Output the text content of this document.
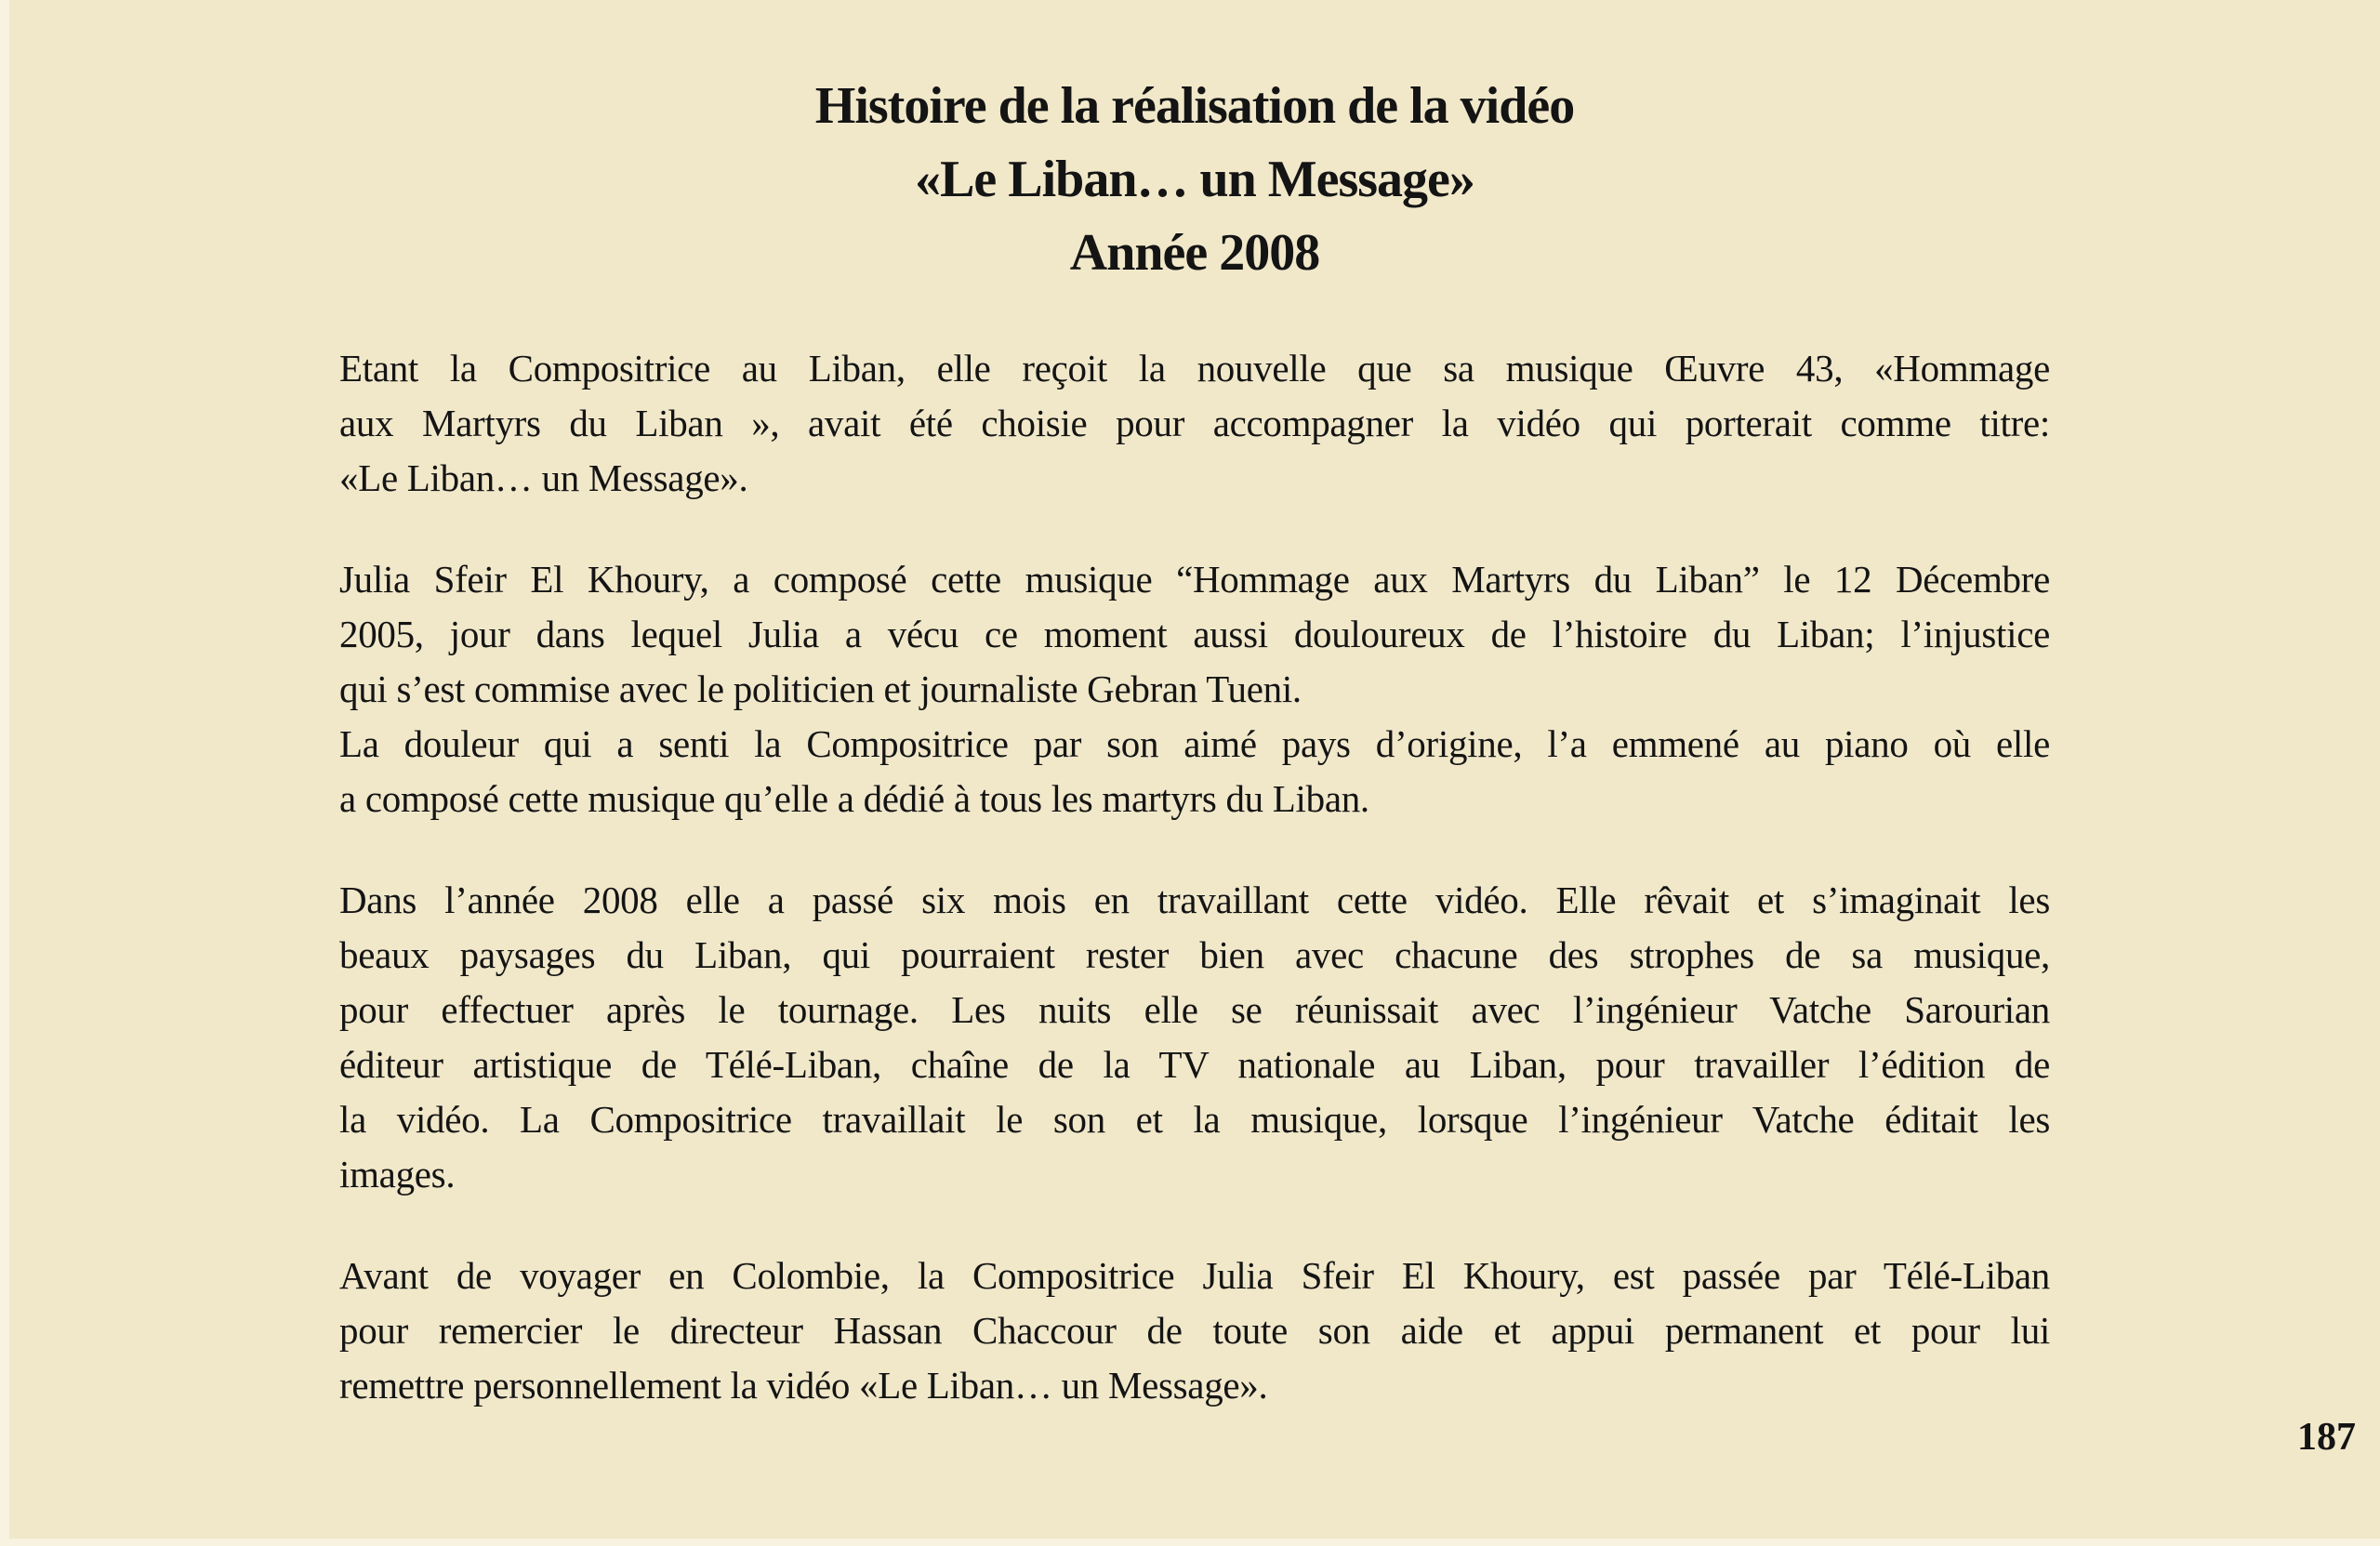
Histoire de la réalisation de la vidéo
«Le Liban… un Message»
Année 2008
Etant la Compositrice au Liban, elle reçoit la nouvelle que sa musique Œuvre 43, «Hommage
aux Martyrs du Liban », avait été choisie pour accompagner la vidéo qui porterait comme titre:
«Le Liban… un Message».
Julia Sfeir El Khoury, a composé cette musique “Hommage aux Martyrs du Liban” le 12 Décembre
2005, jour dans lequel Julia a vécu ce moment aussi douloureux de l’histoire du Liban; l’injustice
qui s’est commise avec le politicien et journaliste Gebran Tueni.
La douleur qui a senti la Compositrice par son aimé pays d’origine, l’a emmené au piano où elle
a composé cette musique qu’elle a dédié à tous les martyrs du Liban.
Dans l’année 2008 elle a passé six mois en travaillant cette vidéo. Elle rêvait et s’imaginait les
beaux paysages du Liban, qui pourraient rester bien avec chacune des strophes de sa musique,
pour effectuer après le tournage. Les nuits elle se réunissait avec l’ingénieur Vatche Sarourian
éditeur artistique de Télé-Liban, chaîne de la TV nationale au Liban, pour travailler l’édition de
la vidéo. La Compositrice travaillait le son et la musique, lorsque l’ingénieur Vatche éditait les
images.
Avant de voyager en Colombie, la Compositrice Julia Sfeir El Khoury, est passée par Télé-Liban
pour remercier le directeur Hassan Chaccour de toute son aide et appui permanent et pour lui
remettre personnellement la vidéo «Le Liban… un Message».
187
